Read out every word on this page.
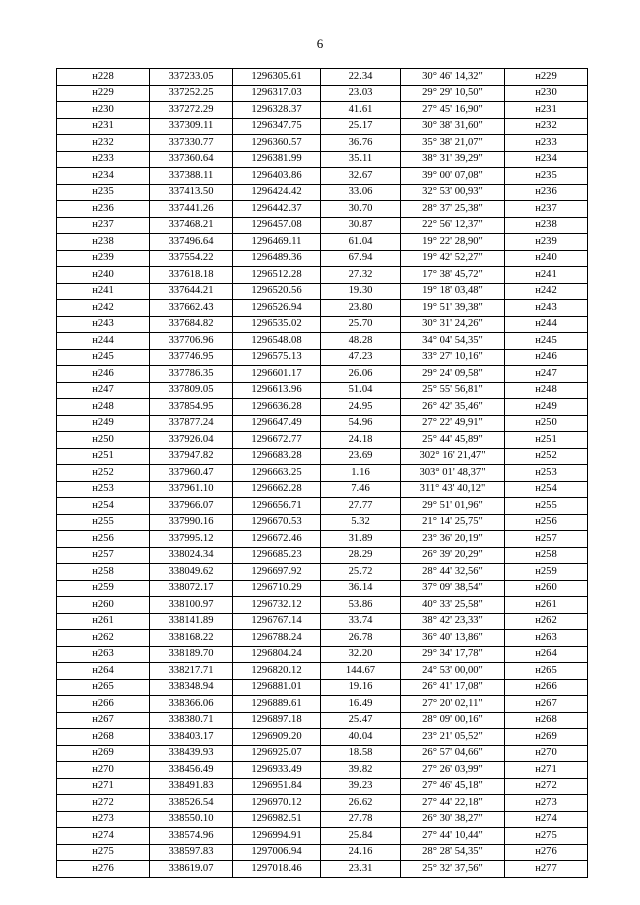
6
н228	337233.05	1296305.61	22.34	30° 46' 14,32"	н229
н229	337252.25	1296317.03	23.03	29° 29' 10,50"	н230
н230	337272.29	1296328.37	41.61	27° 45' 16,90"	н231
н231	337309.11	1296347.75	25.17	30° 38' 31,60"	н232
н232	337330.77	1296360.57	36.76	35° 38' 21,07"	н233
н233	337360.64	1296381.99	35.11	38° 31' 39,29"	н234
н234	337388.11	1296403.86	32.67	39° 00' 07,08"	н235
н235	337413.50	1296424.42	33.06	32° 53' 00,93"	н236
н236	337441.26	1296442.37	30.70	28° 37' 25,38"	н237
н237	337468.21	1296457.08	30.87	22° 56' 12,37"	н238
н238	337496.64	1296469.11	61.04	19° 22' 28,90"	н239
н239	337554.22	1296489.36	67.94	19° 42' 52,27"	н240
н240	337618.18	1296512.28	27.32	17° 38' 45,72"	н241
н241	337644.21	1296520.56	19.30	19° 18' 03,48"	н242
н242	337662.43	1296526.94	23.80	19° 51' 39,38"	н243
н243	337684.82	1296535.02	25.70	30° 31' 24,26"	н244
н244	337706.96	1296548.08	48.28	34° 04' 54,35"	н245
н245	337746.95	1296575.13	47.23	33° 27' 10,16"	н246
н246	337786.35	1296601.17	26.06	29° 24' 09,58"	н247
н247	337809.05	1296613.96	51.04	25° 55' 56,81"	н248
н248	337854.95	1296636.28	24.95	26° 42' 35,46"	н249
н249	337877.24	1296647.49	54.96	27° 22' 49,91"	н250
н250	337926.04	1296672.77	24.18	25° 44' 45,89"	н251
н251	337947.82	1296683.28	23.69	302° 16' 21,47"	н252
н252	337960.47	1296663.25	1.16	303° 01' 48,37"	н253
н253	337961.10	1296662.28	7.46	311° 43' 40,12"	н254
н254	337966.07	1296656.71	27.77	29° 51' 01,96"	н255
н255	337990.16	1296670.53	5.32	21° 14' 25,75"	н256
н256	337995.12	1296672.46	31.89	23° 36' 20,19"	н257
н257	338024.34	1296685.23	28.29	26° 39' 20,29"	н258
н258	338049.62	1296697.92	25.72	28° 44' 32,56"	н259
н259	338072.17	1296710.29	36.14	37° 09' 38,54"	н260
н260	338100.97	1296732.12	53.86	40° 33' 25,58"	н261
н261	338141.89	1296767.14	33.74	38° 42' 23,33"	н262
н262	338168.22	1296788.24	26.78	36° 40' 13,86"	н263
н263	338189.70	1296804.24	32.20	29° 34' 17,78"	н264
н264	338217.71	1296820.12	144.67	24° 53' 00,00"	н265
н265	338348.94	1296881.01	19.16	26° 41' 17,08"	н266
н266	338366.06	1296889.61	16.49	27° 20' 02,11"	н267
н267	338380.71	1296897.18	25.47	28° 09' 00,16"	н268
н268	338403.17	1296909.20	40.04	23° 21' 05,52"	н269
н269	338439.93	1296925.07	18.58	26° 57' 04,66"	н270
н270	338456.49	1296933.49	39.82	27° 26' 03,99"	н271
н271	338491.83	1296951.84	39.23	27° 46' 45,18"	н272
н272	338526.54	1296970.12	26.62	27° 44' 22,18"	н273
н273	338550.10	1296982.51	27.78	26° 30' 38,27"	н274
н274	338574.96	1296994.91	25.84	27° 44' 10,44"	н275
н275	338597.83	1297006.94	24.16	28° 28' 54,35"	н276
н276	338619.07	1297018.46	23.31	25° 32' 37,56"	н277
